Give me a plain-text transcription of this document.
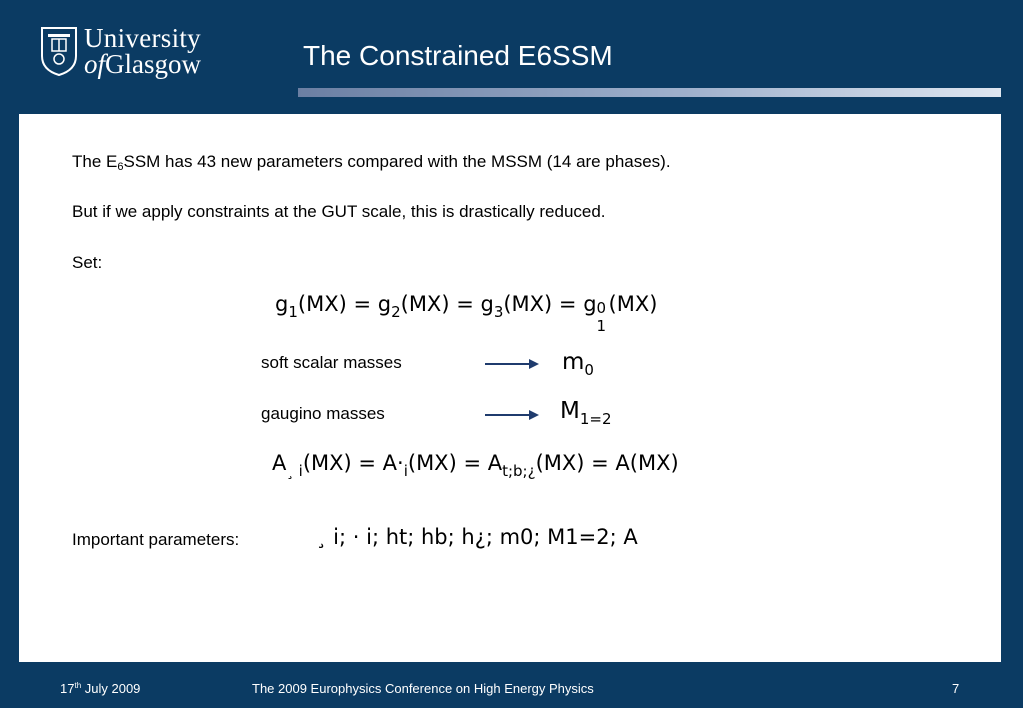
University
ofGlasgow	The Constrained E6SSM
The $E_6SSM$ has 43 new parameters compared with the MSSM (14 are phases).
But if we apply constraints at the GUT scale, this is drastically reduced.
Set:
$g_1(MX) = g_2(MX) = g_3(MX) = g$ 0
1
(MX)
soft scalar masses	$m_0$
gaugino masses	$M_{1=2}$
$A_{¸ i}(MX) = A\cdot_i(MX) = A_{t;b;¿}(MX) = A(MX)$
Important parameters:	¸ i; · i; ht; hb; h¿; m0; M1=2; A
17th July 2009	The 2009 Europhysics Conference on High Energy Physics	7
